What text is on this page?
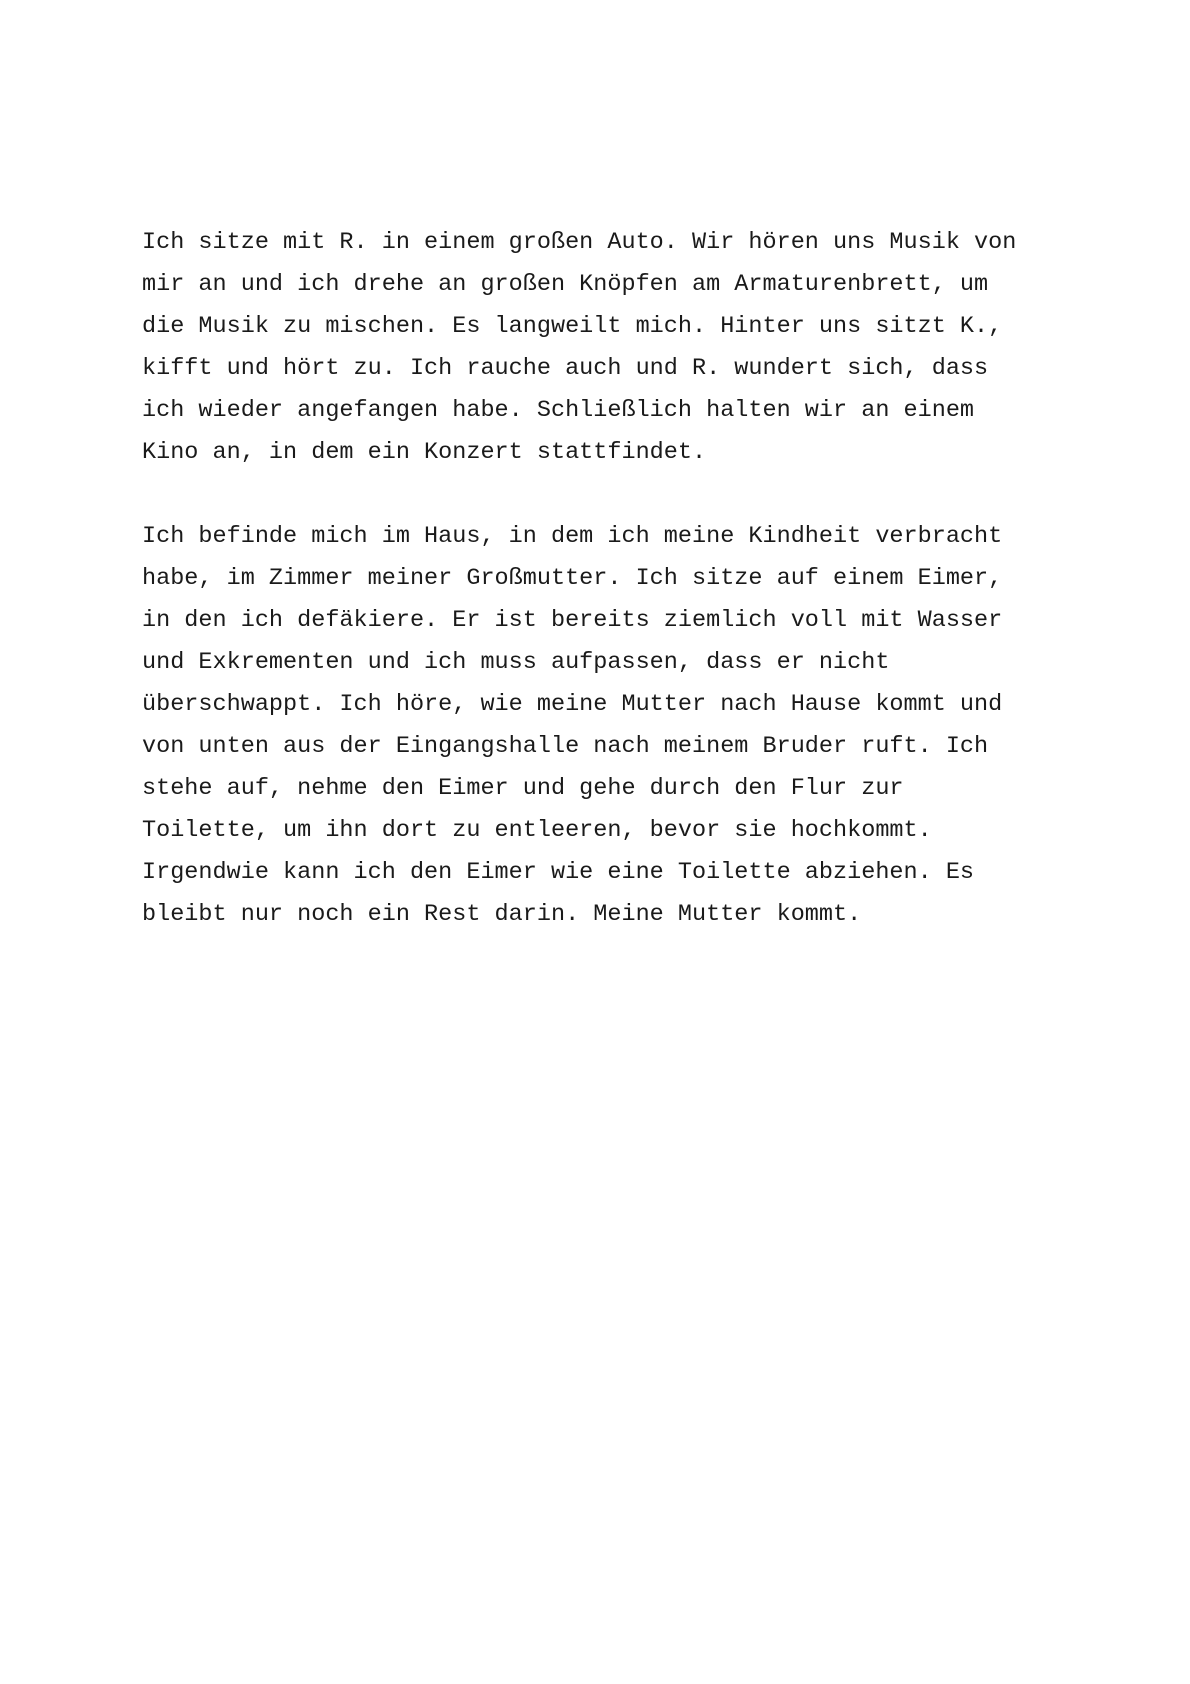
Ich sitze mit R. in einem großen Auto. Wir hören uns Musik von
mir an und ich drehe an großen Knöpfen am Armaturenbrett, um
die Musik zu mischen. Es langweilt mich. Hinter uns sitzt K.,
kifft und hört zu. Ich rauche auch und R. wundert sich, dass
ich wieder angefangen habe. Schließlich halten wir an einem
Kino an, in dem ein Konzert stattfindet.
Ich befinde mich im Haus, in dem ich meine Kindheit verbracht
habe, im Zimmer meiner Großmutter. Ich sitze auf einem Eimer,
in den ich defäkiere. Er ist bereits ziemlich voll mit Wasser
und Exkrementen und ich muss aufpassen, dass er nicht
überschwappt. Ich höre, wie meine Mutter nach Hause kommt und
von unten aus der Eingangshalle nach meinem Bruder ruft. Ich
stehe auf, nehme den Eimer und gehe durch den Flur zur
Toilette, um ihn dort zu entleeren, bevor sie hochkommt.
Irgendwie kann ich den Eimer wie eine Toilette abziehen. Es
bleibt nur noch ein Rest darin. Meine Mutter kommt.
